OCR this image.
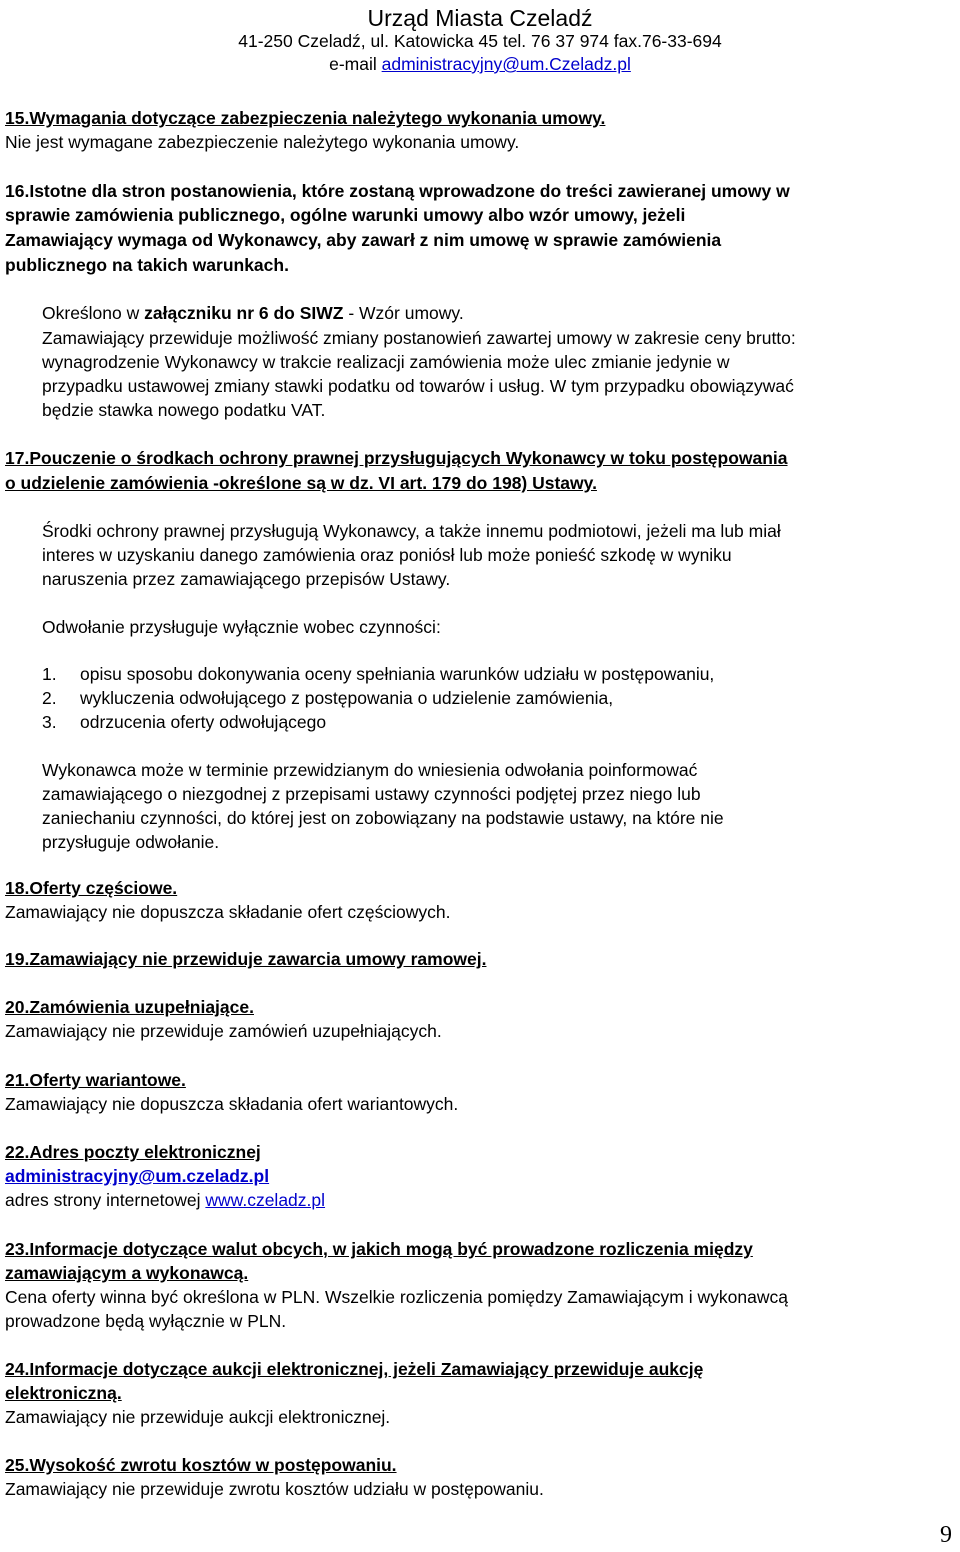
Urząd Miasta Czeladź
41-250 Czeladź, ul. Katowicka 45 tel. 76 37 974 fax.76-33-694
e-mail administracyjny@um.Czeladz.pl
15.Wymagania dotyczące zabezpieczenia należytego wykonania umowy.
Nie jest wymagane zabezpieczenie należytego wykonania umowy.
16.Istotne dla stron postanowienia, które zostaną wprowadzone do treści zawieranej umowy w
sprawie zamówienia publicznego, ogólne warunki umowy albo wzór umowy, jeżeli
Zamawiający wymaga od Wykonawcy, aby zawarł z nim umowę w sprawie zamówienia
publicznego na takich warunkach.
Określono w załączniku nr 6 do SIWZ - Wzór umowy.
Zamawiający przewiduje możliwość zmiany postanowień zawartej umowy w zakresie ceny brutto:
wynagrodzenie Wykonawcy w trakcie realizacji zamówienia może ulec zmianie jedynie w
przypadku ustawowej zmiany stawki podatku od towarów i usług. W tym przypadku obowiązywać
będzie stawka nowego podatku VAT.
17.Pouczenie o środkach ochrony prawnej przysługujących Wykonawcy w toku postępowania
o udzielenie zamówienia -określone są w dz. VI art. 179 do 198) Ustawy.
Środki ochrony prawnej przysługują Wykonawcy, a także innemu podmiotowi, jeżeli ma lub miał
interes w uzyskaniu danego zamówienia oraz poniósł lub może ponieść szkodę w wyniku
naruszenia przez zamawiającego przepisów Ustawy.
Odwołanie przysługuje wyłącznie wobec czynności:
1. opisu sposobu dokonywania oceny spełniania warunków udziału w postępowaniu,
2. wykluczenia odwołującego z postępowania o udzielenie zamówienia,
3. odrzucenia oferty odwołującego
Wykonawca może w terminie przewidzianym do wniesienia odwołania poinformować
zamawiającego o niezgodnej z przepisami ustawy czynności podjętej przez niego lub
zaniechaniu czynności, do której jest on zobowiązany na podstawie ustawy, na które nie
przysługuje odwołanie.
18.Oferty częściowe.
Zamawiający nie dopuszcza składanie ofert częściowych.
19.Zamawiający nie przewiduje zawarcia umowy ramowej.
20.Zamówienia uzupełniające.
Zamawiający nie przewiduje zamówień uzupełniających.
21.Oferty wariantowe.
Zamawiający nie dopuszcza składania ofert wariantowych.
22.Adres poczty elektronicznej
administracyjny@um.czeladz.pl
adres strony internetowej www.czeladz.pl
23.Informacje dotyczące walut obcych, w jakich mogą być prowadzone rozliczenia między
zamawiającym a wykonawcą.
Cena oferty winna być określona w PLN. Wszelkie rozliczenia pomiędzy Zamawiającym i wykonawcą
prowadzone będą wyłącznie w PLN.
24.Informacje dotyczące aukcji elektronicznej, jeżeli Zamawiający przewiduje aukcję
elektroniczną.
Zamawiający nie przewiduje aukcji elektronicznej.
25.Wysokość zwrotu kosztów w postępowaniu.
Zamawiający nie przewiduje zwrotu kosztów udziału w postępowaniu.
9
